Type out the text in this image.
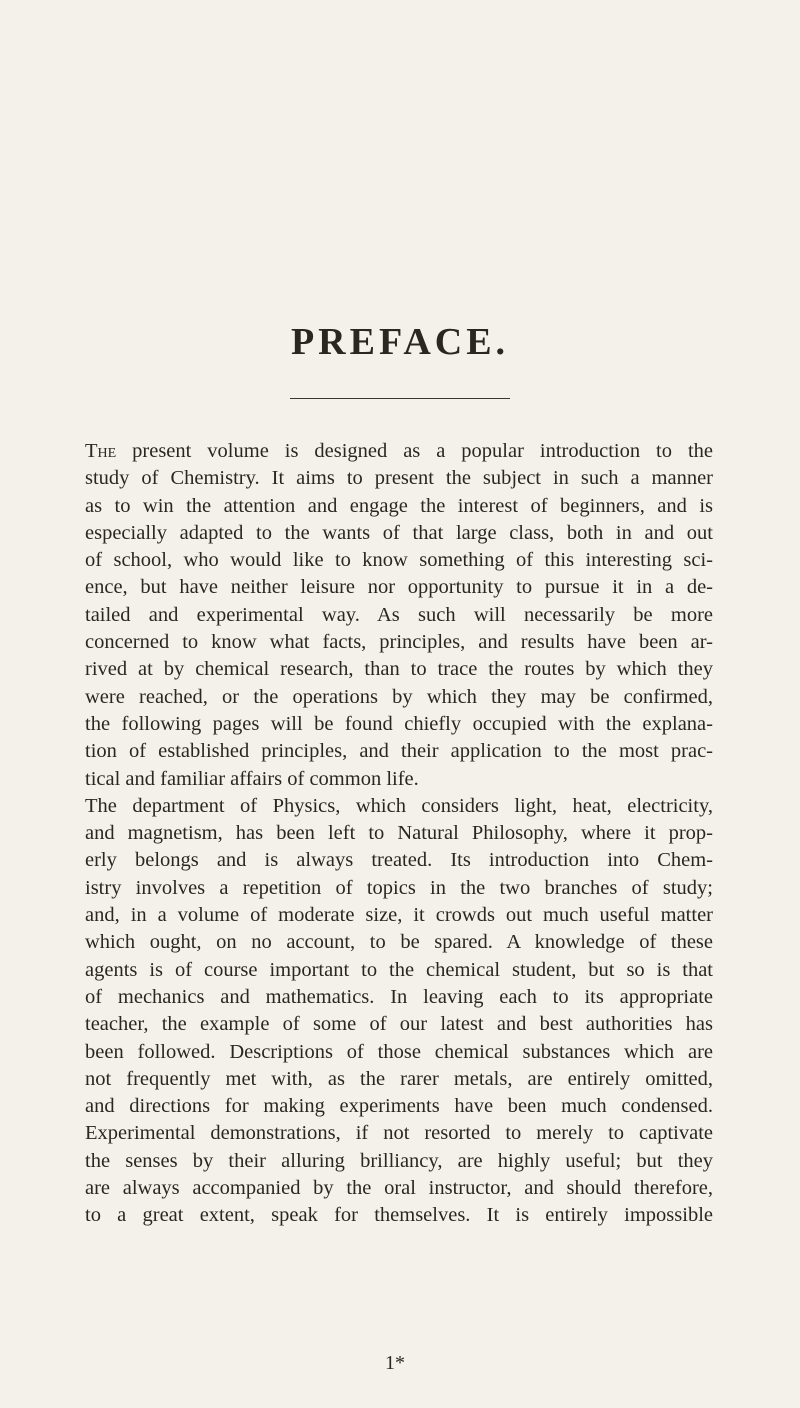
PREFACE.
The present volume is designed as a popular introduction to the
study of Chemistry. It aims to present the subject in such a manner
as to win the attention and engage the interest of beginners, and is
especially adapted to the wants of that large class, both in and out
of school, who would like to know something of this interesting sci-
ence, but have neither leisure nor opportunity to pursue it in a de-
tailed and experimental way. As such will necessarily be more
concerned to know what facts, principles, and results have been ar-
rived at by chemical research, than to trace the routes by which they
were reached, or the operations by which they may be confirmed,
the following pages will be found chiefly occupied with the explana-
tion of established principles, and their application to the most prac-
tical and familiar affairs of common life.
The department of Physics, which considers light, heat, electricity,
and magnetism, has been left to Natural Philosophy, where it prop-
erly belongs and is always treated. Its introduction into Chem-
istry involves a repetition of topics in the two branches of study;
and, in a volume of moderate size, it crowds out much useful matter
which ought, on no account, to be spared. A knowledge of these
agents is of course important to the chemical student, but so is that
of mechanics and mathematics. In leaving each to its appropriate
teacher, the example of some of our latest and best authorities has
been followed. Descriptions of those chemical substances which are
not frequently met with, as the rarer metals, are entirely omitted,
and directions for making experiments have been much condensed.
Experimental demonstrations, if not resorted to merely to captivate
the senses by their alluring brilliancy, are highly useful; but they
are always accompanied by the oral instructor, and should therefore,
to a great extent, speak for themselves. It is entirely impossible
1*
